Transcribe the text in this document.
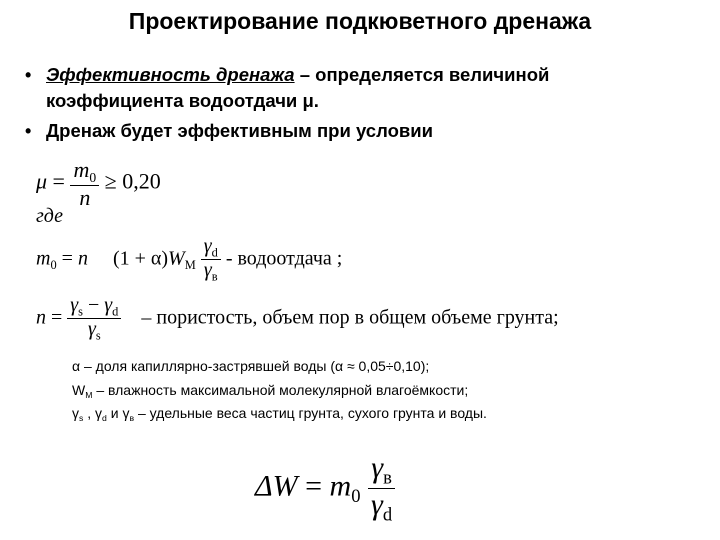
Проектирование подкюветного дренажа
• Эффективность дренажа – определяется величиной
коэффициента водоотдачи μ.
• Дренаж будет эффективным при условии
$\mu = \frac{m_0}{n} \ge 0,20$
где
$m_0 = n$ $(1 + \alpha)W_M \frac{\gamma_d}{\gamma_в}$ - водоотдача ;
$n = \frac{\gamma_s - \gamma_d}{\gamma_s}$ – пористость, объем пор в общем объеме грунта;
α – доля капиллярно-застрявшей воды (α ≈ 0,05÷0,10);
$W_M$ – влажность максимальной молекулярной влагоёмкости;
$\gamma_s$ , $\gamma_d$ и $\gamma_в$ – удельные веса частиц грунта, сухого грунта и воды.
$\Delta W = m_0 \frac{\gamma_в}{\gamma_d}$
